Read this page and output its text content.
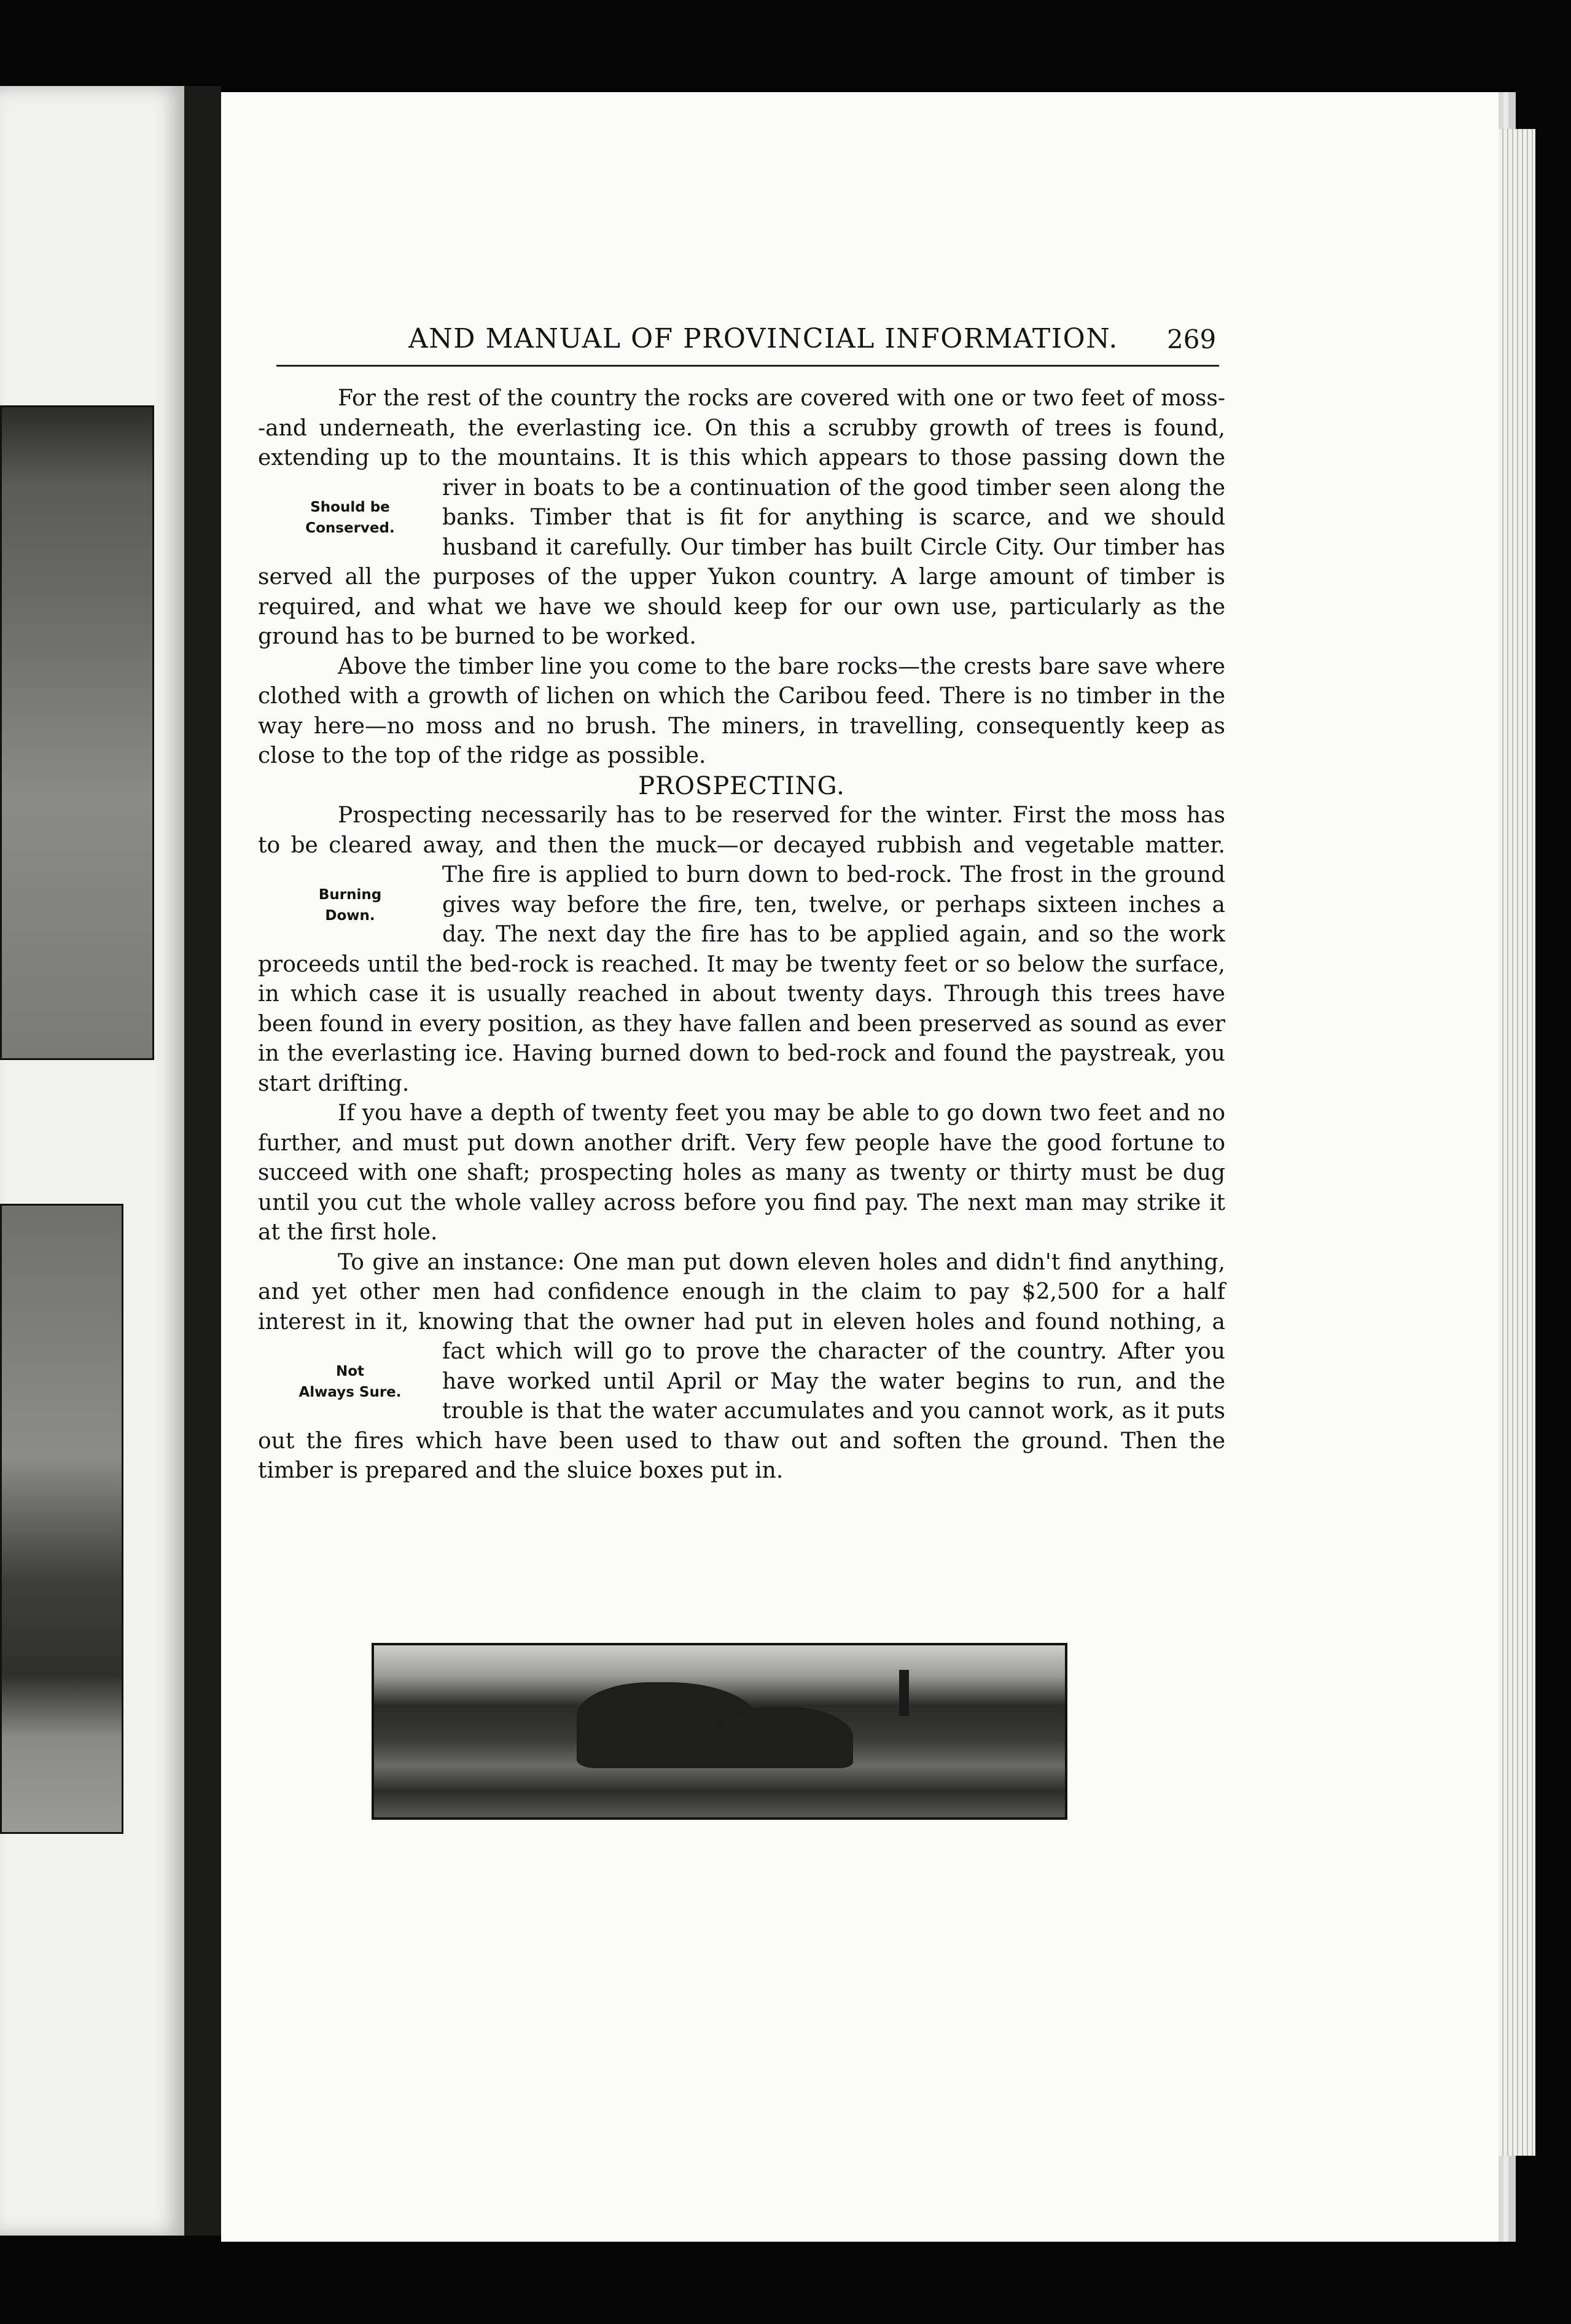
AND MANUAL OF PROVINCIAL INFORMATION. 269

For the rest of the country the rocks are covered with one or two feet of moss--and underneath, the everlasting ice. On this a scrubby growth of trees is found, extending up to the mountains. It is this which appears to those passing
Should be
Conserved.
down the river in boats to be a continuation of the good timber seen along the banks. Timber that is fit for anything is scarce, and we should husband it carefully. Our timber has built Circle City. Our timber has served all the purposes of the upper Yukon country. A large amount of timber is required, and what we have we should keep for our own use, particularly as the ground has to be burned to be worked.

Above the timber line you come to the bare rocks—the crests bare save where clothed with a growth of lichen on which the Caribou feed. There is no timber in the way here—no moss and no brush. The miners, in travelling, consequently keep as close to the top of the ridge as possible.

PROSPECTING.

Prospecting necessarily has to be reserved for the winter. First the moss has to be cleared away, and then the muck—or decayed rubbish and vegetable matter. The fire is applied to burn down to bed-rock. The frost in the ground
Burning
Down.	gives way before the fire, ten, twelve, or perhaps sixteen inches a day. The next day the fire has to be applied again, and so the work proceeds until the bed-rock is reached. It may be twenty feet or so below the surface, in which case it is usually reached in about twenty days. Through this trees have been found in every position, as they have fallen and been preserved as sound as ever in the everlasting ice. Having burned down to bed-rock and found the paystreak, you start drifting.

If you have a depth of twenty feet you may be able to go down two feet and no further, and must put down another drift. Very few people have the good fortune to succeed with one shaft; prospecting holes as many as twenty or thirty must be dug until you cut the whole valley across before you find pay. The next man may strike it at the first hole.

To give an instance: One man put down eleven holes and didn't find anything, and yet other men had confidence enough in the claim to pay $2,500 for a half interest in it, knowing that the owner had put in eleven holes and found
Not
Always Sure.
nothing, a fact which will go to prove the character of the country. After you have worked until April or May the water begins to run, and the trouble is that the water accumulates and you cannot work, as it puts out the fires which have been used to thaw out and soften the ground. Then the timber is prepared and the sluice boxes put in.
